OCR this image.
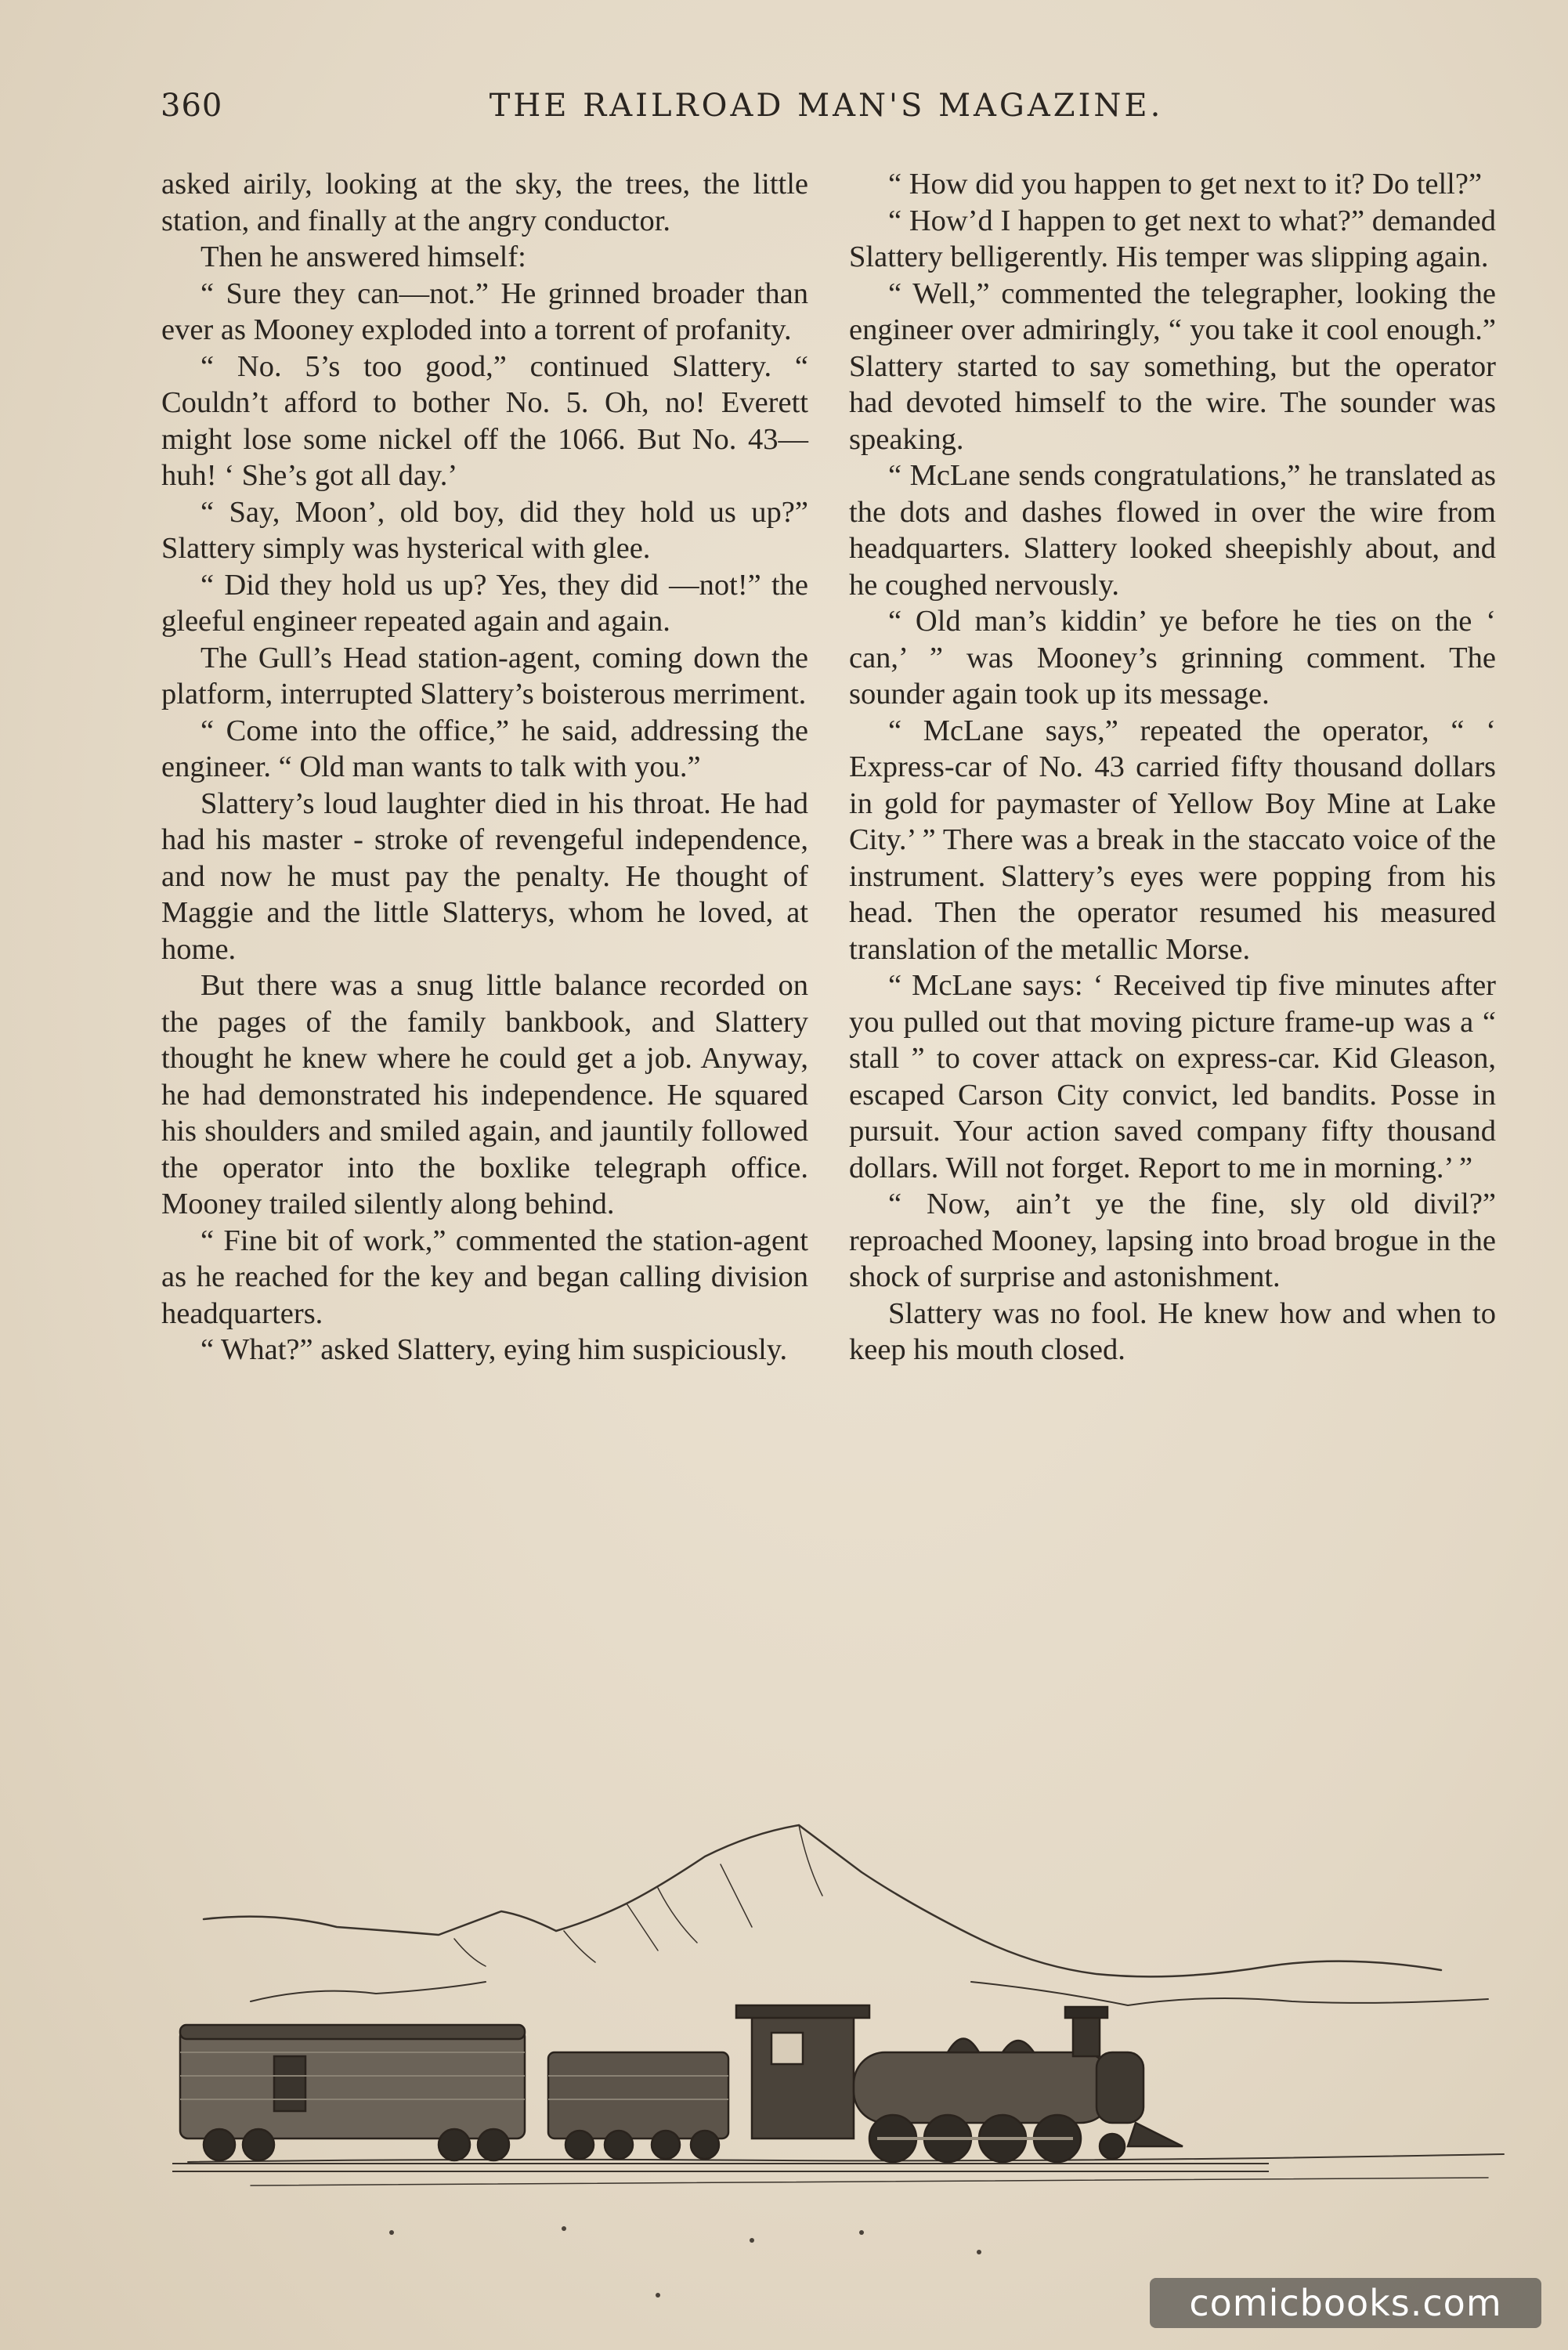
360	THE RAILROAD MAN'S MAGAZINE.

asked airily, looking at the sky, the trees, the little station, and finally at the angry conductor.

Then he answered himself:

“ Sure they can—not.” He grinned broader than ever as Mooney exploded into a torrent of profanity.

“ No. 5’s too good,” continued Slattery. “ Couldn’t afford to bother No. 5. Oh, no! Everett might lose some nickel off the 1066. But No. 43—huh! ‘ She’s got all day.’

“ Say, Moon’, old boy, did they hold us up?” Slattery simply was hysterical with glee.

“ Did they hold us up? Yes, they did —not!” the gleeful engineer repeated again and again.

The Gull’s Head station-agent, coming down the platform, interrupted Slattery’s boisterous merriment.

“ Come into the office,” he said, addressing the engineer. “ Old man wants to talk with you.”

Slattery’s loud laughter died in his throat. He had had his master - stroke of revengeful independence, and now he must pay the penalty. He thought of Maggie and the little Slatterys, whom he loved, at home.

But there was a snug little balance recorded on the pages of the family bankbook, and Slattery thought he knew where he could get a job. Anyway, he had demonstrated his independence. He squared his shoulders and smiled again, and jauntily followed the operator into the boxlike telegraph office. Mooney trailed silently along behind.

“ Fine bit of work,” commented the station-agent as he reached for the key and began calling division headquarters.

“ What?” asked Slattery, eying him suspiciously.

“ How did you happen to get next to it? Do tell?”

“ How’d I happen to get next to what?” demanded Slattery belligerently. His temper was slipping again.

“ Well,” commented the telegrapher, looking the engineer over admiringly, “ you take it cool enough.” Slattery started to say something, but the operator had devoted himself to the wire. The sounder was speaking.

“ McLane sends congratulations,” he translated as the dots and dashes flowed in over the wire from headquarters. Slattery looked sheepishly about, and he coughed nervously.

“ Old man’s kiddin’ ye before he ties on the ‘ can,’ ” was Mooney’s grinning comment. The sounder again took up its message.

“ McLane says,” repeated the operator, “ ‘ Express-car of No. 43 carried fifty thousand dollars in gold for paymaster of Yellow Boy Mine at Lake City.’ ” There was a break in the staccato voice of the instrument. Slattery’s eyes were popping from his head. Then the operator resumed his measured translation of the metallic Morse.

“ McLane says: ‘ Received tip five minutes after you pulled out that moving picture frame-up was a “ stall ” to cover attack on express-car. Kid Gleason, escaped Carson City convict, led bandits. Posse in pursuit. Your action saved company fifty thousand dollars. Will not forget. Report to me in morning.’ ”

“ Now, ain’t ye the fine, sly old divil?” reproached Mooney, lapsing into broad brogue in the shock of surprise and astonishment.

Slattery was no fool. He knew how and when to keep his mouth closed.

comicbooks.com
